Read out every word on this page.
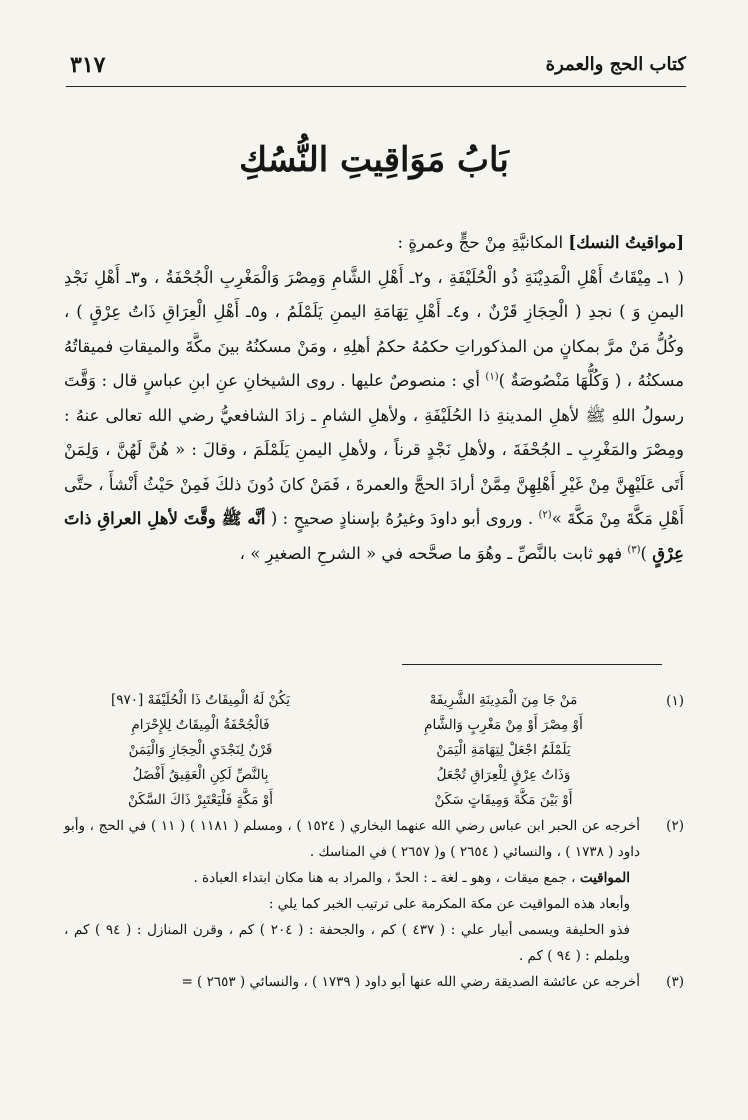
٣١٧	كتاب الحج والعمرة
بَابُ مَوَاقِيتِ النُّسُكِ

[مواقيتُ النسك] المكانيَّةِ مِنْ حجٍّ وعمرةٍ :

( ١ـ مِيْقَاتُ أَهْلِ الْمَدِيْنَةِ ذُو الْحُلَيْفَةِ ، و٢ـ أَهْلِ الشَّامِ وَمِصْرَ وَالْمَغْرِبِ الْجُحْفَةُ ، و٣ـ أَهْلِ نَجْدِ اليمنِ وَ ) نجدِ ( الْحِجَازِ قَرْنٌ ، و٤ـ أَهْلِ تِهَامَةِ اليمنِ يَلَمْلَمُ ، و٥ـ أَهْلِ الْعِرَاقِ ذَاتُ عِرْقٍ ) ، وكُلُّ مَنْ مرَّ بمكانٍ من المذكوراتِ حكمُهُ حكمُ أهلِهِ ، ومَنْ مسكنُهُ بينَ مكَّةَ والميقاتِ فميقاتُهُ مسكنُهُ ، ( وَكُلُّهَا مَنْصُوصَةٌ )$^{(١)}$ أي : منصوصٌ عليها . روى الشيخانِ عنِ ابنِ عباسٍ قال : وَقَّتَ رسولُ اللهِ ﷺ لأهلِ المدينةِ ذا الحُلَيْفَةِ ، ولأهلِ الشامِ ـ زادَ الشافعيُّ رضي الله تعالى عنهُ : ومِصْرَ والمَغْرِبِ ـ الجُحْفَةَ ، ولأهلِ نَجْدٍ قرناً ، ولأهلِ اليمنِ يَلَمْلَمَ ، وقالَ : « هُنَّ لَهُنَّ ، وَلِمَنْ أَتَى عَلَيْهِنَّ مِنْ غَيْرِ أَهْلِهِنَّ مِمَّنْ أرادَ الحجَّ والعمرةَ ، فَمَنْ كانَ دُونَ ذلكَ فَمِنْ حَيْثُ أَنْشأَ ، حتَّى أَهْلِ مَكَّةَ مِنْ مَكَّةَ »$^{(٢)}$ . وروى أبو داودَ وغيرُهُ بإسنادٍ صحيحٍ : ( أنَّه ﷺ وقَّتَ لأهلِ العراقِ ذاتَ عِرْقٍ )$^{(٣)}$ فهو ثابت بالنَّصِّ ـ وهُوَ ما صحَّحه في « الشرحِ الصغيرِ » ،

(١)
مَنْ جَا مِنَ الْمَدِينَةِ الشَّرِيفَهْ
يَكُنْ لَهُ الْمِيقَاتُ ذَا الْحُلَيْفَهْ [٩٧٠]
أَوْ مِصْرَ أَوْ مِنْ مَغْرِبٍ وَالشَّامِ
فَالْجُحْفَةُ الْمِيقَاتُ لِلإِحْرَامِ
يَلَمْلَمُ اجْعَلْ لِتِهَامَةِ الْيَمَنْ
قَرْنٌ لِنَجْدَيِ الْحِجَازِ وَالْيَمَنْ
وَذَاتُ عِرْقٍ لِلْعِرَاقِ تُجْعَلُ
بِالنَّصِّ لَكِنِ الْعَقِيقُ أَفْضَلُ
أَوْ بَيْنَ مَكَّةَ وَمِيقَاتٍ سَكَنْ
أَوْ مَكَّةٍ فَلْيَعْتَبِرْ ذَاكَ السَّكَنْ
(٢)
أخرجه عن الحبر ابن عباس رضي الله عنهما البخاري ( ١٥٢٤ ) ، ومسلم ( ١١٨١ ) ( ١١ ) في الحج ، وأبو داود ( ١٧٣٨ ) ، والنسائي ( ٢٦٥٤ ) و( ٢٦٥٧ ) في المناسك .
المواقيت ، جمع ميقات ، وهو ـ لغة ـ : الحدّ ، والمراد به هنا مكان ابتداء العبادة .
وأبعاد هذه المواقيت عن مكة المكرمة على ترتيب الخبر كما يلي :
فذو الحليفة ويسمى أبيار علي : ( ٤٣٧ ) كم ، والجحفة : ( ٢٠٤ ) كم ، وقرن المنازل : ( ٩٤ ) كم ، ويلملم : ( ٩٤ ) كم .
(٣)
أخرجه عن عائشة الصديقة رضي الله عنها أبو داود ( ١٧٣٩ ) ، والنسائي ( ٢٦٥٣ ) =
